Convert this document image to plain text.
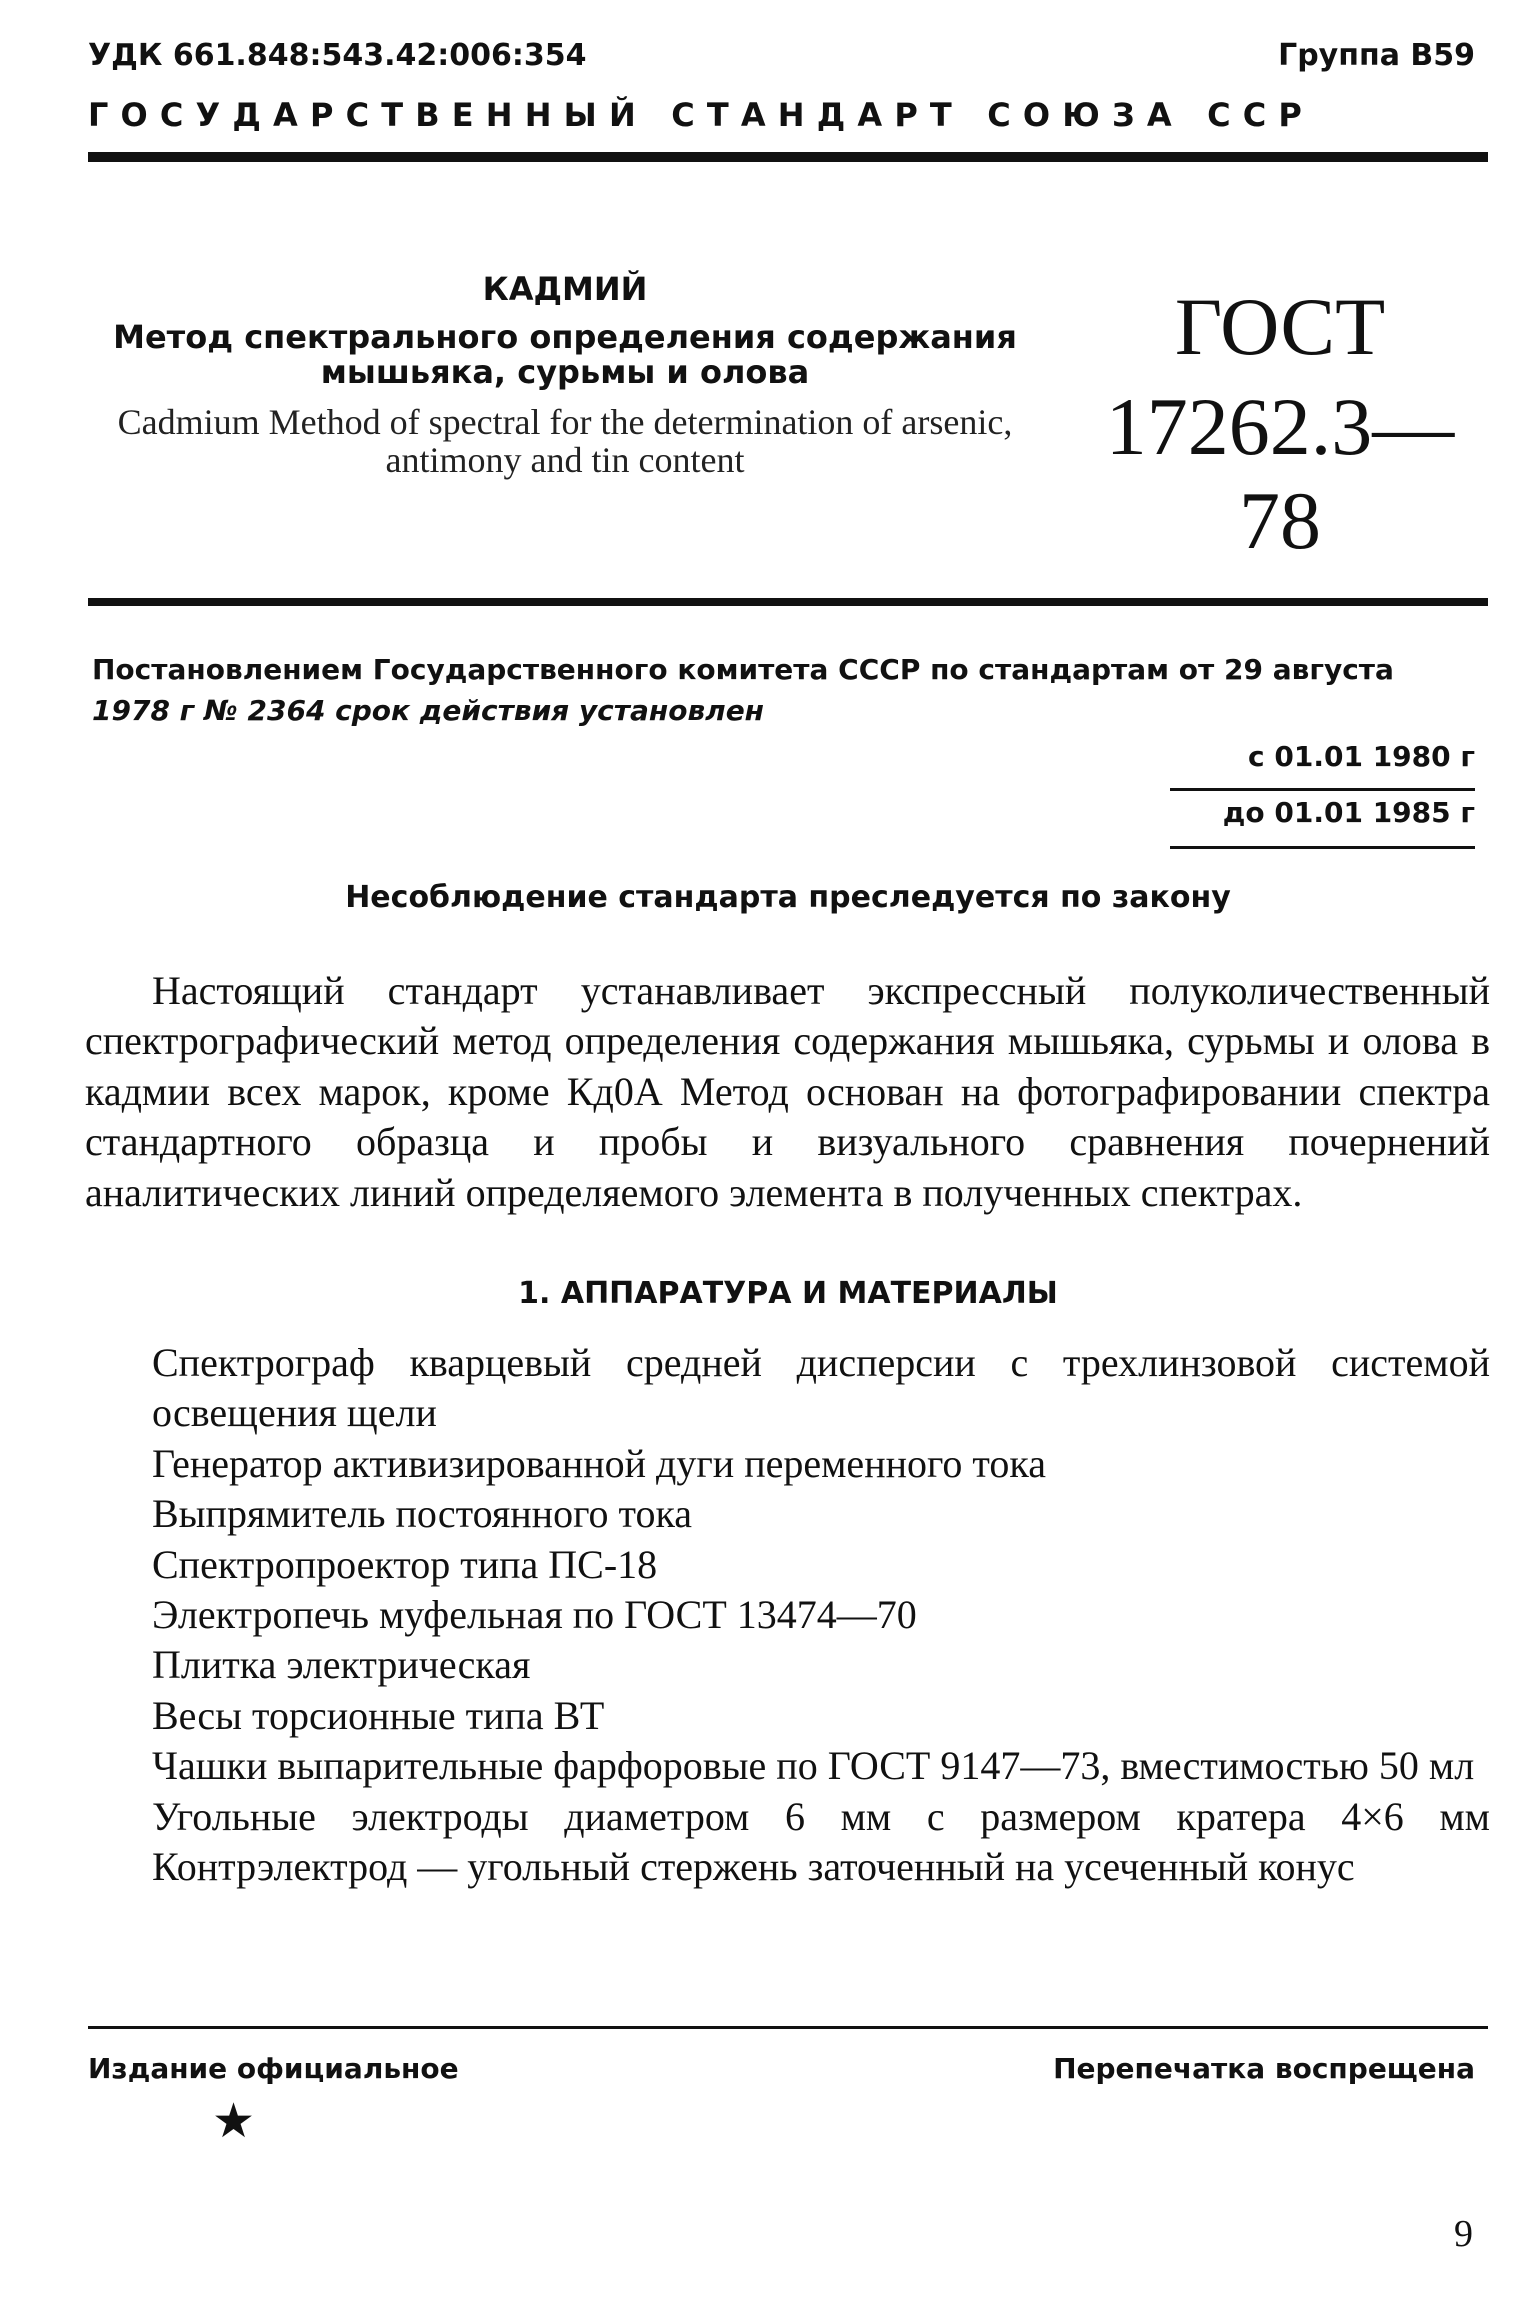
УДК 661.848:543.42:006:354	Группа В59
ГОСУДАРСТВЕННЫЙ СТАНДАРТ СОЮЗА ССР

КАДМИЙ

Метод спектрального определения содержания мышьяка, сурьмы и олова

Cadmium Method of spectral for the determination of arsenic, antimony and tin content

ГОСТ
17262.3—78
Постановлением Государственного комитета СССР по стандартам от 29 августа
1978 г № 2364 срок действия установлен
с 01.01 1980 г
до 01.01 1985 г
Несоблюдение стандарта преследуется по закону
Настоящий стандарт устанавливает экспрессный полуколичественный спектрографический метод определения содержания мышьяка, сурьмы и олова в кадмии всех марок, кроме Кд0А Метод основан на фотографировании спектра стандартного образца и пробы и визуального сравнения почернений аналитических линий определяемого элемента в полученных спектрах.
1. АППАРАТУРА И МАТЕРИАЛЫ

Спектрограф кварцевый средней дисперсии с трехлинзовой системой освещения щели

Генератор активизированной дуги переменного тока

Выпрямитель постоянного тока

Спектропроектор типа ПС-18

Электропечь муфельная по ГОСТ 13474—70

Плитка электрическая

Весы торсионные типа ВТ

Чашки выпарительные фарфоровые по ГОСТ 9147—73, вместимостью 50 мл

Угольные электроды диаметром 6 мм с размером кратера 4×6 мм Контрэлектрод — угольный стержень заточенный на усеченный конус

Издание официальное	Перепечатка воспрещена
★
9
